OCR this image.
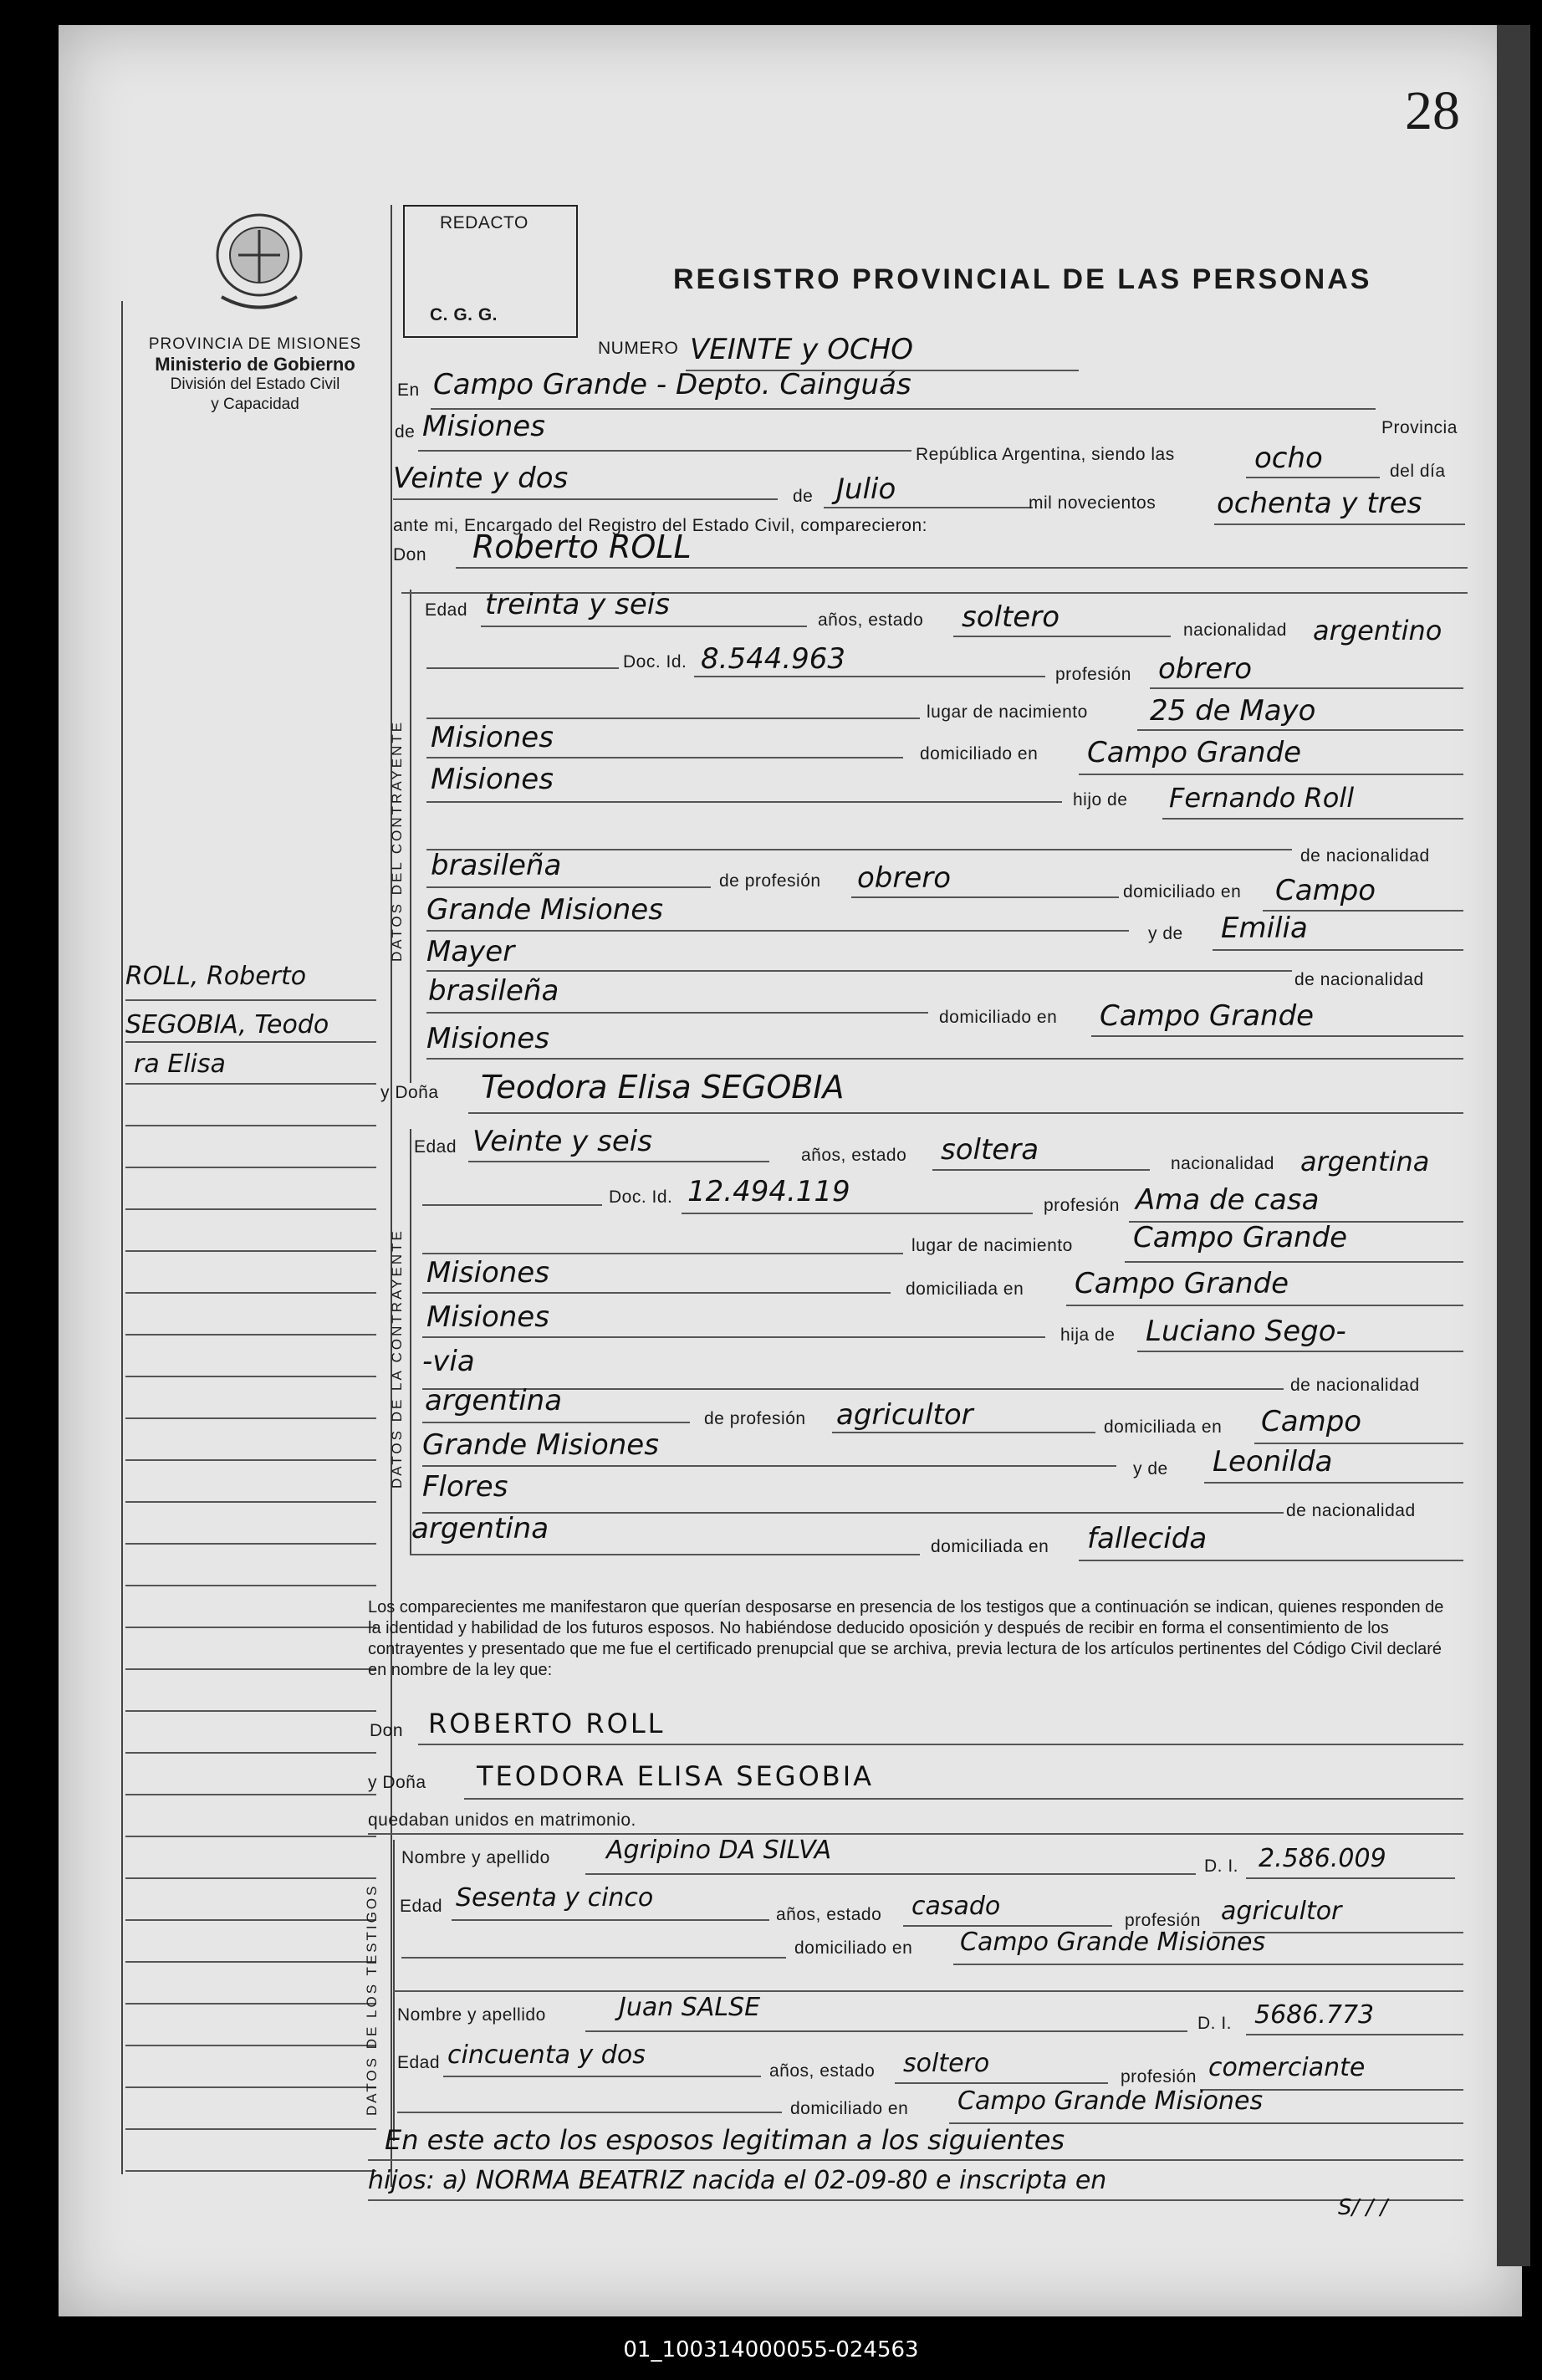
28
PROVINCIA DE MISIONES
Ministerio de Gobierno
División del Estado Civil
y Capacidad
REDACTO
C. G. G.
REGISTRO PROVINCIAL DE LAS PERSONAS
ROLL, Roberto
SEGOBIA, Teodo
ra Elisa
NUMERO VEINTE y OCHO
En Campo Grande - Depto. Cainguás
Provincia
de Misiones
República Argentina, siendo las	ocho	del día
Veinte y dos
de Julio	mil novecientos ochenta y tres
ante mi, Encargado del Registro del Estado Civil, comparecieron:
Don Roberto ROLL
DATOS DEL CONTRAYENTE
Edad treinta y seis	años, estado soltero	nacionalidad argentino
Doc. Id. 8.544.963	profesión obrero
lugar de nacimiento 25 de Mayo
Misiones	domiciliado en Campo Grande
Misiones
hijo de Fernando Roll
de nacionalidad
brasileña	de profesión obrero	domiciliado en Campo
Grande Misiones
y de Emilia
Mayer
de nacionalidad
brasileña
domiciliado en Campo Grande
Misiones
y Doña Teodora Elisa SEGOBIA
DATOS DE LA CONTRAYENTE
Edad Veinte y seis	años, estado soltera	nacionalidad argentina
Doc. Id. 12.494.119	profesión Ama de casa
lugar de nacimiento Campo Grande
Misiones	domiciliada en Campo Grande
Misiones
hija de Luciano Sego-
-via
de nacionalidad
argentina
de profesión agricultor	domiciliada en Campo
Grande Misiones
y de Leonilda
Flores
de nacionalidad
argentina
domiciliada en fallecida
Los comparecientes me manifestaron que querían desposarse en presencia de los testigos que a continuación se indican, quienes responden de la identidad y habilidad de los futuros esposos. No habiéndose deducido oposición y después de recibir en forma el consentimiento de los contrayentes y presentado que me fue el certificado prenupcial que se archiva, previa lectura de los artículos pertinentes del Código Civil declaré en nombre de la ley que:
Don ROBERTO ROLL
y Doña TEODORA ELISA SEGOBIA
quedaban unidos en matrimonio.
DATOS DE LOS TESTIGOS
Nombre y apellido Agripino DA SILVA
D. I. 2.586.009
Edad Sesenta y cinco
años, estado casado	profesión agricultor
domiciliado en Campo Grande Misiones
Nombre y apellido	Juan SALSE
D. I. 5686.773
Edad cincuenta y dos
años, estado soltero	profesión comerciante
domiciliado en Campo Grande Misiones
En este acto los esposos legitiman a los siguientes
hijos: a) NORMA BEATRIZ nacida el 02-09-80 e inscripta en
S/ / /
01_100314000055-024563
